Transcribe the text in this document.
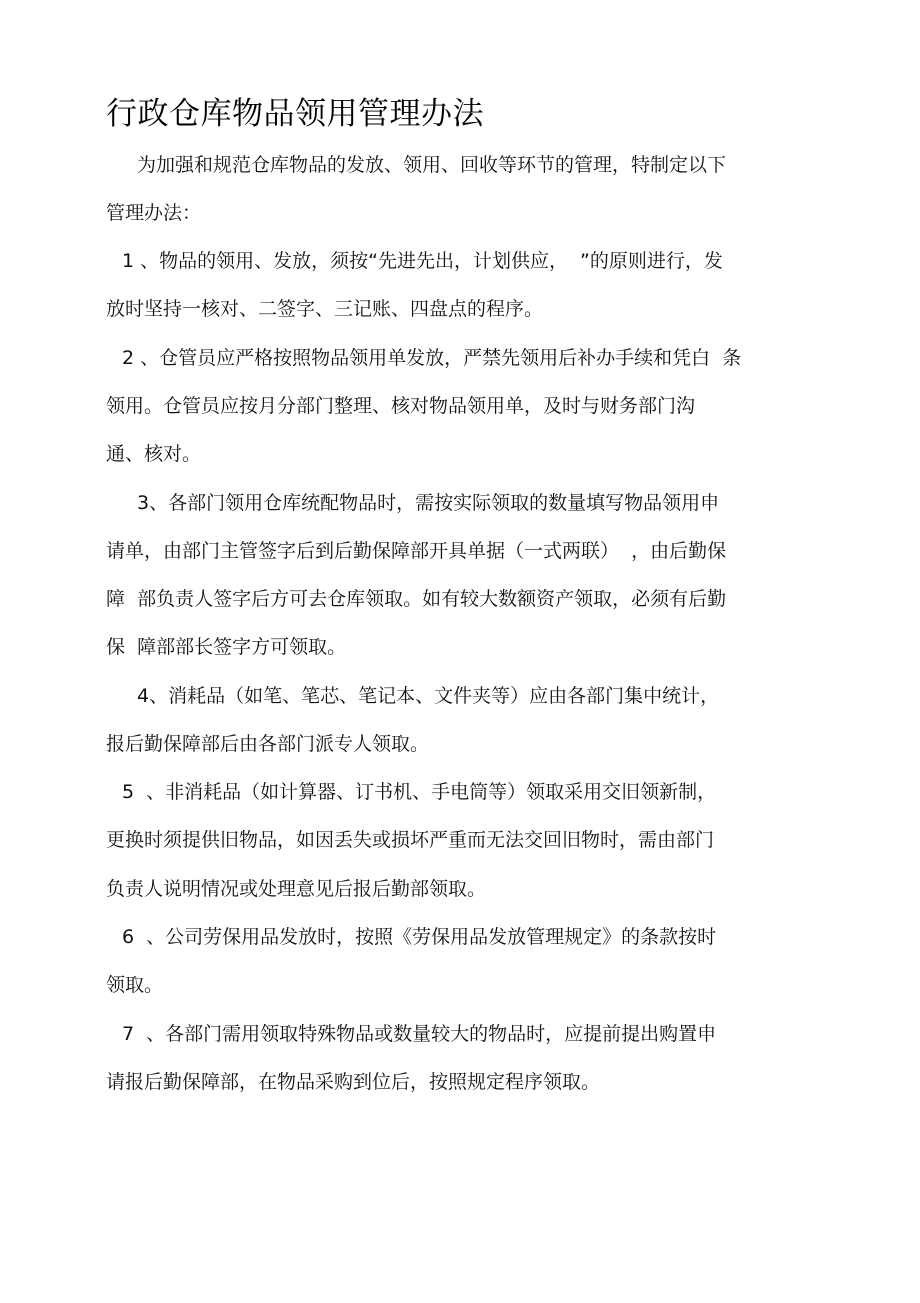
行政仓库物品领用管理办法
为加强和规范仓库物品的发放、领用、回收等环节的管理，特制定以下
管理办法：
1 、物品的领用、发放，须按“先进先出，计划供应，  ”的原则进行，发
放时坚持一核对、二签字、三记账、四盘点的程序。
2 、仓管员应严格按照物品领用单发放，严禁先领用后补办手续和凭白  条
领用。仓管员应按月分部门整理、核对物品领用单，及时与财务部门沟
通、核对。
3、各部门领用仓库统配物品时，需按实际领取的数量填写物品领用申
请单，由部门主管签字后到后勤保障部开具单据（一式两联）  ，由后勤保
障  部负责人签字后方可去仓库领取。如有较大数额资产领取，必须有后勤
保  障部部长签字方可领取。
4、消耗品（如笔、笔芯、笔记本、文件夹等）应由各部门集中统计，
报后勤保障部后由各部门派专人领取。
5  、非消耗品（如计算器、订书机、手电筒等）领取采用交旧领新制，
更换时须提供旧物品，如因丢失或损坏严重而无法交回旧物时，需由部门
负责人说明情况或处理意见后报后勤部领取。
6  、公司劳保用品发放时，按照《劳保用品发放管理规定》的条款按时
领取。
7  、各部门需用领取特殊物品或数量较大的物品时，应提前提出购置申
请报后勤保障部，在物品采购到位后，按照规定程序领取。
